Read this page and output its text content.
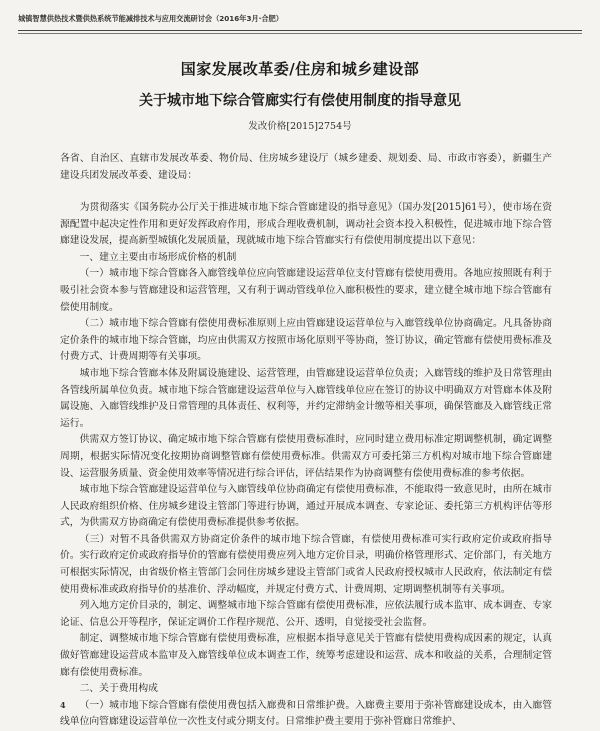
城镇智慧供热技术暨供热系统节能减排技术与应用交流研讨会（2016年3月·合肥）
国家发展改革委/住房和城乡建设部
关于城市地下综合管廊实行有偿使用制度的指导意见
发改价格[2015]2754号
各省、自治区、直辖市发展改革委、物价局、住房城乡建设厅（城乡建委、规划委、局、市政市容委），新疆生产建设兵团发展改革委、建设局：

为贯彻落实《国务院办公厅关于推进城市地下综合管廊建设的指导意见》（国办发[2015]61号），使市场在资源配置中起决定性作用和更好发挥政府作用，形成合理收费机制，调动社会资本投入积极性，促进城市地下综合管廊建设发展，提高新型城镇化发展质量，现就城市地下综合管廊实行有偿使用制度提出以下意见：

一、建立主要由市场形成价格的机制

（一）城市地下综合管廊各入廊管线单位应向管廊建设运营单位支付管廊有偿使用费用。各地应按照既有利于吸引社会资本参与管廊建设和运营管理，又有利于调动管线单位入廊积极性的要求，建立健全城市地下综合管廊有偿使用制度。

（二）城市地下综合管廊有偿使用费标准原则上应由管廊建设运营单位与入廊管线单位协商确定。凡具备协商定价条件的城市地下综合管廊，均应由供需双方按照市场化原则平等协商，签订协议，确定管廊有偿使用费标准及付费方式、计费周期等有关事项。

城市地下综合管廊本体及附属设施建设、运营管理，由管廊建设运营单位负责；入廊管线的维护及日常管理由各管线所属单位负责。城市地下综合管廊建设运营单位与入廊管线单位应在签订的协议中明确双方对管廊本体及附属设施、入廊管线维护及日常管理的具体责任、权利等，并约定滞纳金计缴等相关事项，确保管廊及入廊管线正常运行。

供需双方签订协议、确定城市地下综合管廊有偿使用费标准时，应同时建立费用标准定期调整机制，确定调整周期，根据实际情况变化按期协商调整管廊有偿使用费标准。供需双方可委托第三方机构对城市地下综合管廊建设、运营服务质量、资金使用效率等情况进行综合评估，评估结果作为协商调整有偿使用费标准的参考依据。

城市地下综合管廊建设运营单位与入廊管线单位协商确定有偿使用费标准，不能取得一致意见时，由所在城市人民政府组织价格、住房城乡建设主管部门等进行协调，通过开展成本调查、专家论证、委托第三方机构评估等形式，为供需双方协商确定有偿使用费标准提供参考依据。

（三）对暂不具备供需双方协商定价条件的城市地下综合管廊，有偿使用费标准可实行政府定价或政府指导价。实行政府定价或政府指导价的管廊有偿使用费应列入地方定价目录，明确价格管理形式、定价部门，有关地方可根据实际情况，由省级价格主管部门会同住房城乡建设主管部门或省人民政府授权城市人民政府，依法制定有偿使用费标准或政府指导价的基准价、浮动幅度，并规定付费方式、计费周期、定期调整机制等有关事项。

列入地方定价目录的，制定、调整城市地下综合管廊有偿使用费标准，应依法履行成本监审、成本调查、专家论证、信息公开等程序，保证定调价工作程序规范、公开、透明，自觉接受社会监督。

制定、调整城市地下综合管廊有偿使用费标准，应根据本指导意见关于管廊有偿使用费构成因素的规定，认真做好管廊建设运营成本监审及入廊管线单位成本调查工作，统筹考虑建设和运营、成本和收益的关系，合理制定管廊有偿使用费标准。

二、关于费用构成

（一）城市地下综合管廊有偿使用费包括入廊费和日常维护费。入廊费主要用于弥补管廊建设成本，由入廊管线单位向管廊建设运营单位一次性支付或分期支付。日常维护费主要用于弥补管廊日常维护、

4
